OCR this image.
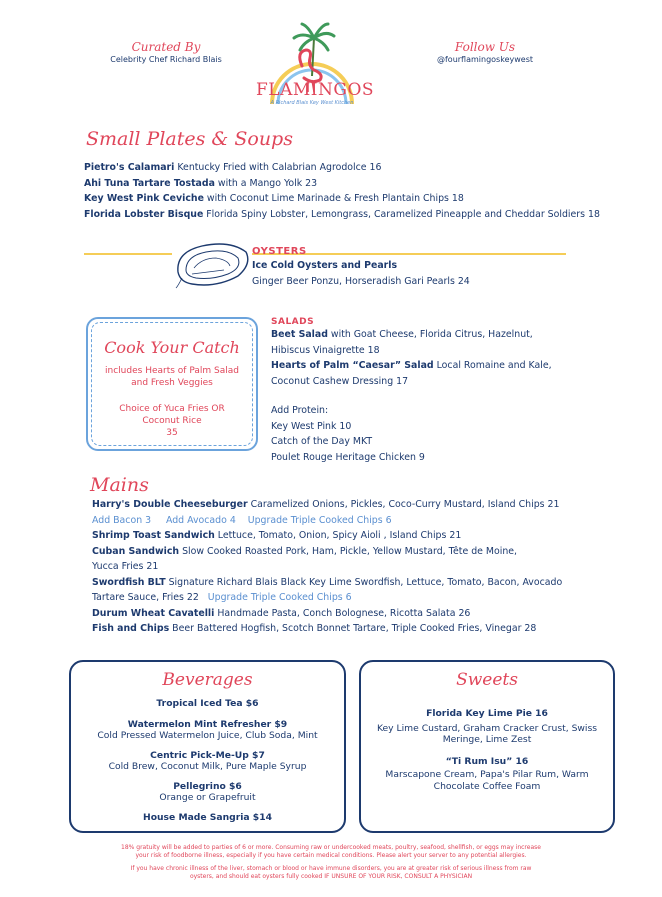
Curated By
Celebrity Chef Richard Blais
FLAMINGOS
A Richard Blais Key West Kitchen
Follow Us
@fourflamingoskeywest
Small Plates & Soups
Pietro's Calamari Kentucky Fried with Calabrian Agrodolce 16
Ahi Tuna Tartare Tostada with a Mango Yolk 23
Key West Pink Ceviche with Coconut Lime Marinade & Fresh Plantain Chips 18
Florida Lobster Bisque Florida Spiny Lobster, Lemongrass, Caramelized Pineapple and Cheddar Soldiers 18
OYSTERS
Ice Cold Oysters and Pearls
Ginger Beer Ponzu, Horseradish Gari Pearls 24
Cook Your Catch
includes Hearts of Palm Salad
and Fresh Veggies
Choice of Yuca Fries OR
Coconut Rice
35
SALADS
Beet Salad with Goat Cheese, Florida Citrus, Hazelnut,
Hibiscus Vinaigrette 18
Hearts of Palm “Caesar” Salad Local Romaine and Kale,
Coconut Cashew Dressing 17
Add Protein:
Key West Pink 10
Catch of the Day MKT
Poulet Rouge Heritage Chicken 9
Mains
Harry's Double Cheeseburger Caramelized Onions, Pickles, Coco-Curry Mustard, Island Chips 21
Add Bacon 3     Add Avocado 4    Upgrade Triple Cooked Chips 6
Shrimp Toast Sandwich Lettuce, Tomato, Onion, Spicy Aioli , Island Chips 21
Cuban Sandwich Slow Cooked Roasted Pork, Ham, Pickle, Yellow Mustard, Tête de Moine,
Yucca Fries 21
Swordfish BLT Signature Richard Blais Black Key Lime Swordfish, Lettuce, Tomato, Bacon, Avocado
Tartare Sauce, Fries 22   Upgrade Triple Cooked Chips 6
Durum Wheat Cavatelli Handmade Pasta, Conch Bolognese, Ricotta Salata 26
Fish and Chips Beer Battered Hogfish, Scotch Bonnet Tartare, Triple Cooked Fries, Vinegar 28
Beverages
Tropical Iced Tea $6
Watermelon Mint Refresher $9
Cold Pressed Watermelon Juice, Club Soda, Mint
Centric Pick-Me-Up $7
Cold Brew, Coconut Milk, Pure Maple Syrup
Pellegrino $6
Orange or Grapefruit
House Made Sangria $14
Sweets
Florida Key Lime Pie 16
Key Lime Custard, Graham Cracker Crust, Swiss
Meringe, Lime Zest
“Ti Rum Isu” 16
Marscapone Cream, Papa's Pilar Rum, Warm
Chocolate Coffee Foam
18% gratuity will be added to parties of 6 or more. Consuming raw or undercooked meats, poultry, seafood, shellfish, or eggs may increase
your risk of foodborne illness, especially if you have certain medical conditions. Please alert your server to any potential allergies.
If you have chronic illness of the liver, stomach or blood or have immune disorders, you are at greater risk of serious illness from raw
oysters, and should eat oysters fully cooked IF UNSURE OF YOUR RISK, CONSULT A PHYSICIAN
